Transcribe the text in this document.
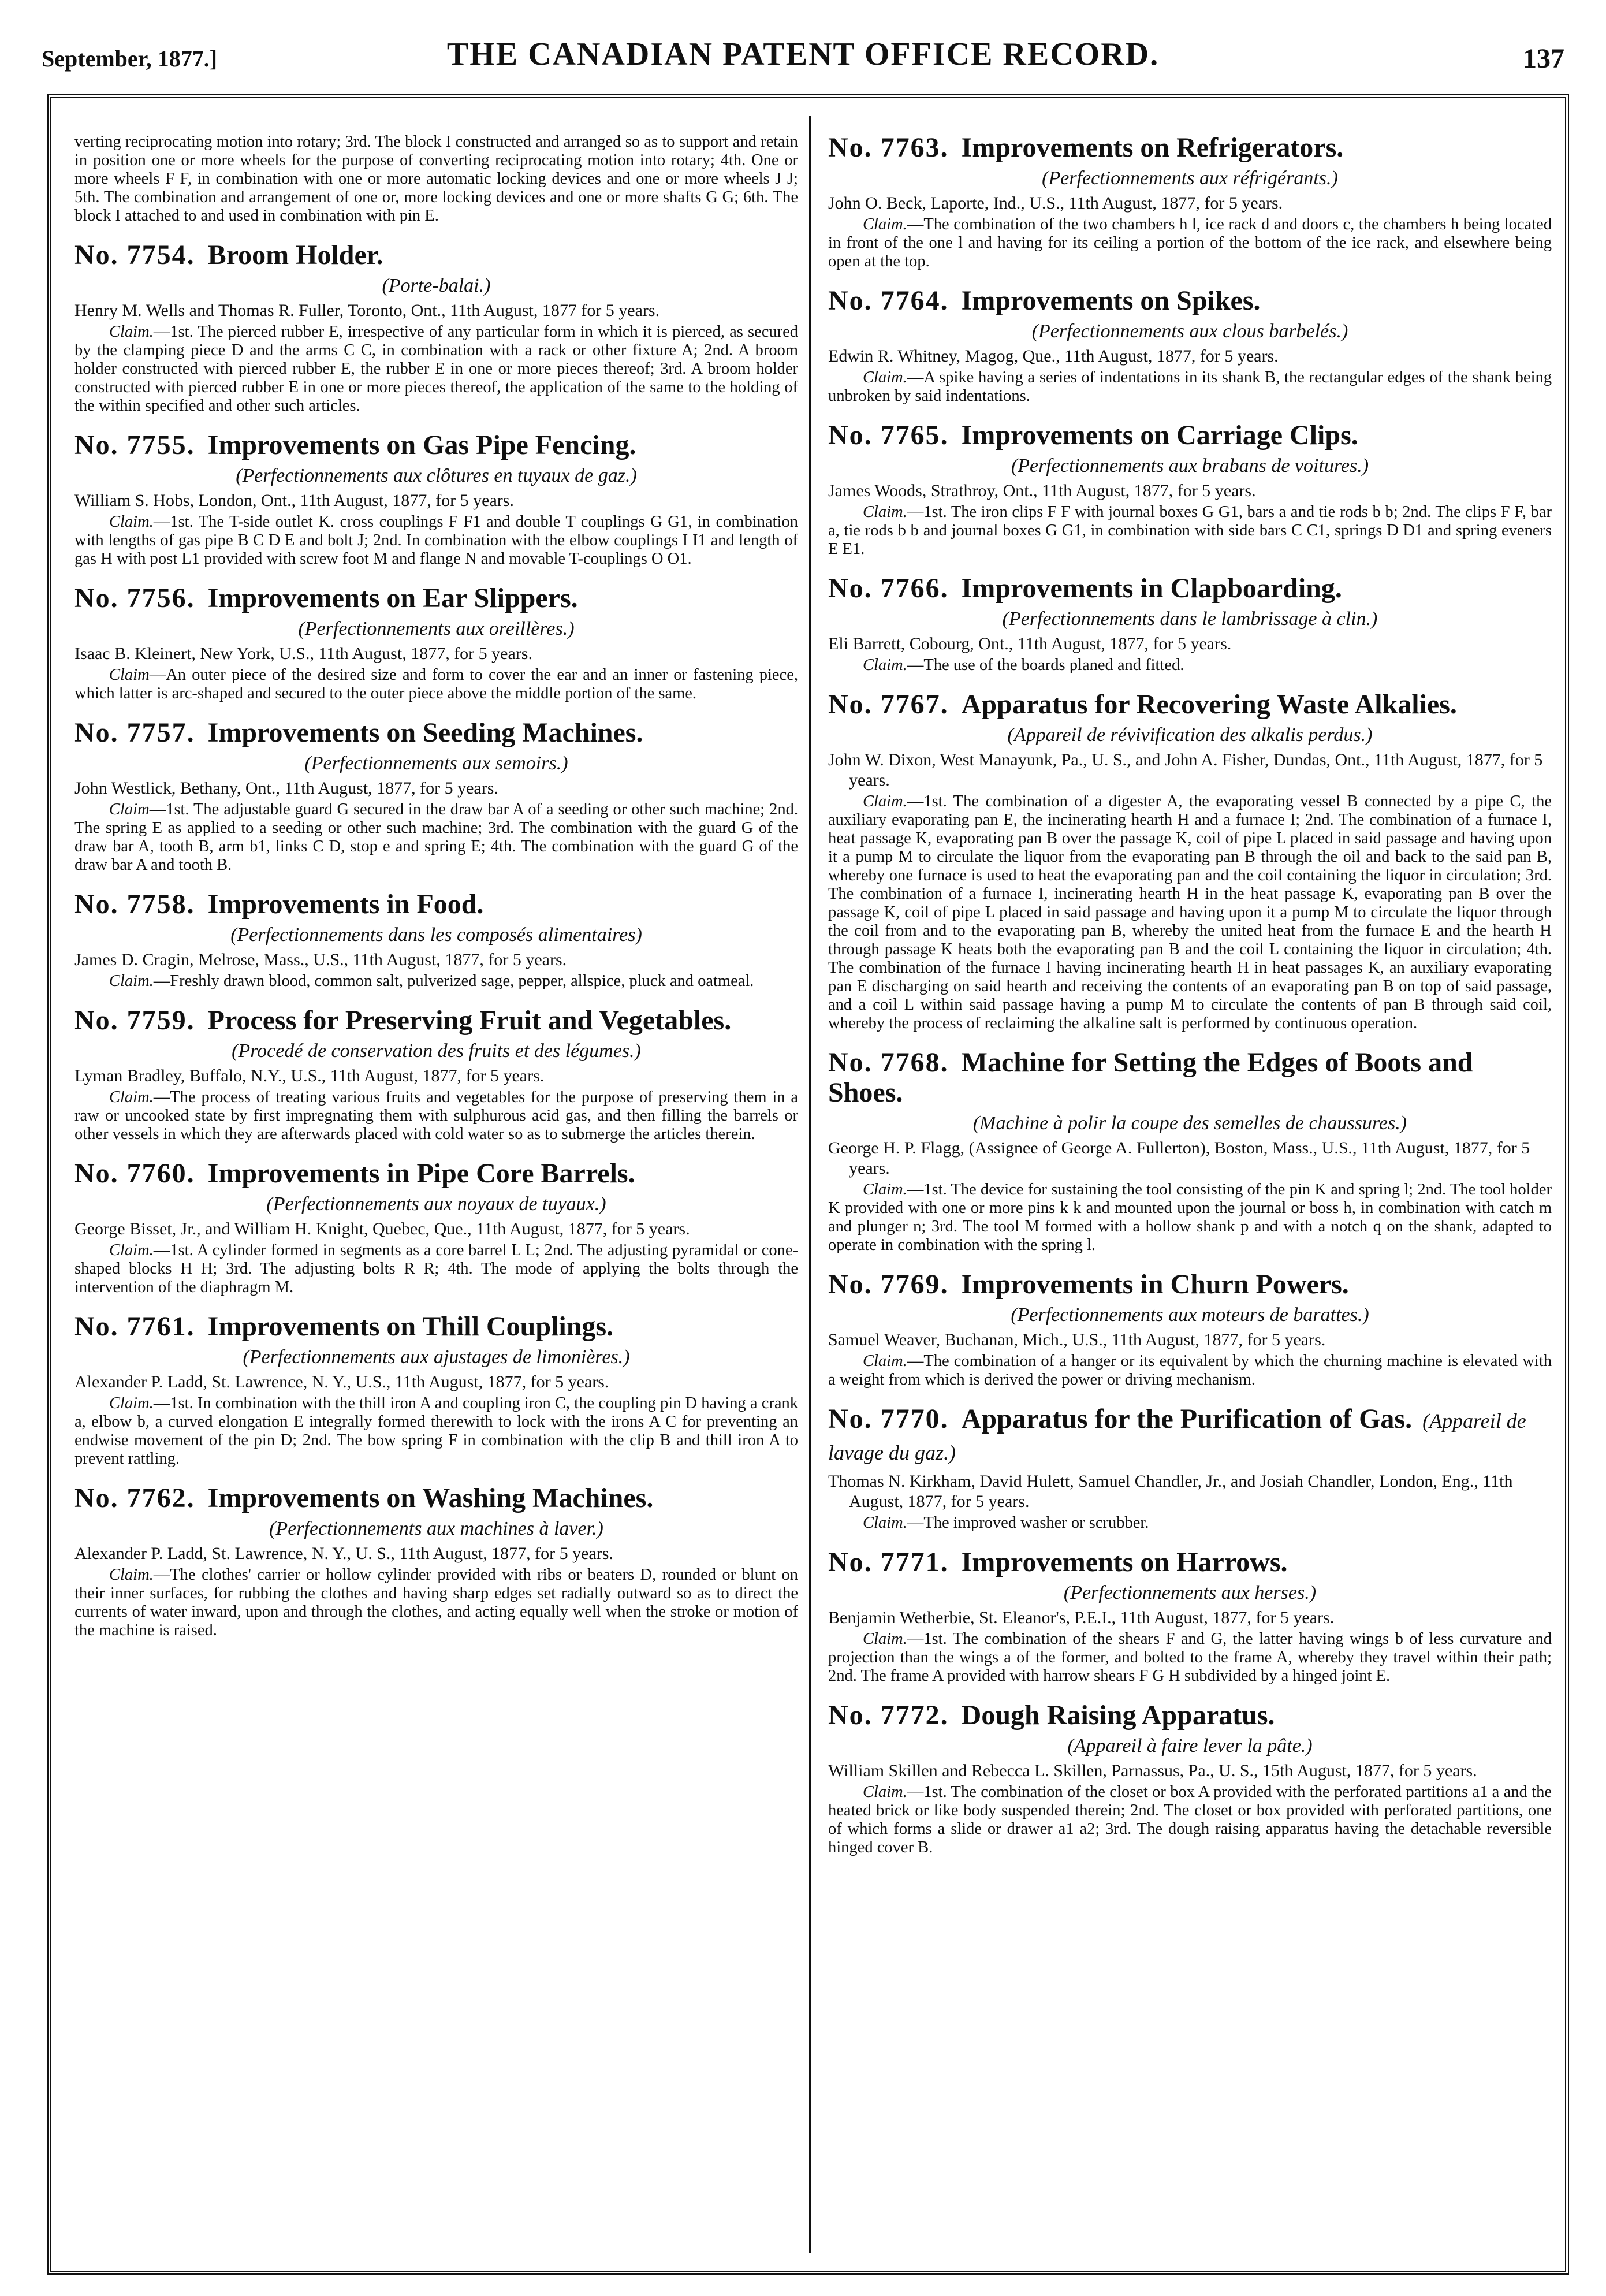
September, 1877.]	THE CANADIAN PATENT OFFICE RECORD.	137

verting reciprocating motion into rotary; 3rd. The block I constructed and arranged so as to support and retain in position one or more wheels for the purpose of converting reciprocating motion into rotary; 4th. One or more wheels F F, in combination with one or more automatic locking devices and one or more wheels J J; 5th. The combination and arrangement of one or, more locking devices and one or more shafts G G; 6th. The block I attached to and used in combination with pin E.

No. 7754. Broom Holder.
(Porte-balai.)

Henry M. Wells and Thomas R. Fuller, Toronto, Ont., 11th August, 1877 for 5 years.

Claim.—1st. The pierced rubber E, irrespective of any particular form in which it is pierced, as secured by the clamping piece D and the arms C C, in combination with a rack or other fixture A; 2nd. A broom holder constructed with pierced rubber E, the rubber E in one or more pieces thereof; 3rd. A broom holder constructed with pierced rubber E in one or more pieces thereof, the application of the same to the holding of the within specified and other such articles.

No. 7755. Improvements on Gas Pipe Fencing.
(Perfectionnements aux clôtures en tuyaux de gaz.)

William S. Hobs, London, Ont., 11th August, 1877, for 5 years.

Claim.—1st. The T-side outlet K. cross couplings F F1 and double T couplings G G1, in combination with lengths of gas pipe B C D E and bolt J; 2nd. In combination with the elbow couplings I I1 and length of gas H with post L1 provided with screw foot M and flange N and movable T-couplings O O1.

No. 7756. Improvements on Ear Slippers.
(Perfectionnements aux oreillères.)

Isaac B. Kleinert, New York, U.S., 11th August, 1877, for 5 years.

Claim—An outer piece of the desired size and form to cover the ear and an inner or fastening piece, which latter is arc-shaped and secured to the outer piece above the middle portion of the same.

No. 7757. Improvements on Seeding Machines.
(Perfectionnements aux semoirs.)

John Westlick, Bethany, Ont., 11th August, 1877, for 5 years.

Claim—1st. The adjustable guard G secured in the draw bar A of a seeding or other such machine; 2nd. The spring E as applied to a seeding or other such machine; 3rd. The combination with the guard G of the draw bar A, tooth B, arm b1, links C D, stop e and spring E; 4th. The combination with the guard G of the draw bar A and tooth B.

No. 7758. Improvements in Food.
(Perfectionnements dans les composés alimentaires)

James D. Cragin, Melrose, Mass., U.S., 11th August, 1877, for 5 years.

Claim.—Freshly drawn blood, common salt, pulverized sage, pepper, allspice, pluck and oatmeal.

No. 7759. Process for Preserving Fruit and Vegetables.
(Procedé de conservation des fruits et des légumes.)

Lyman Bradley, Buffalo, N.Y., U.S., 11th August, 1877, for 5 years.

Claim.—The process of treating various fruits and vegetables for the purpose of preserving them in a raw or uncooked state by first impregnating them with sulphurous acid gas, and then filling the barrels or other vessels in which they are afterwards placed with cold water so as to submerge the articles therein.

No. 7760. Improvements in Pipe Core Barrels.
(Perfectionnements aux noyaux de tuyaux.)

George Bisset, Jr., and William H. Knight, Quebec, Que., 11th August, 1877, for 5 years.

Claim.—1st. A cylinder formed in segments as a core barrel L L; 2nd. The adjusting pyramidal or cone-shaped blocks H H; 3rd. The adjusting bolts R R; 4th. The mode of applying the bolts through the intervention of the diaphragm M.

No. 7761. Improvements on Thill Couplings.
(Perfectionnements aux ajustages de limonières.)

Alexander P. Ladd, St. Lawrence, N. Y., U.S., 11th August, 1877, for 5 years.

Claim.—1st. In combination with the thill iron A and coupling iron C, the coupling pin D having a crank a, elbow b, a curved elongation E integrally formed therewith to lock with the irons A C for preventing an endwise movement of the pin D; 2nd. The bow spring F in combination with the clip B and thill iron A to prevent rattling.

No. 7762. Improvements on Washing Machines.
(Perfectionnements aux machines à laver.)

Alexander P. Ladd, St. Lawrence, N. Y., U. S., 11th August, 1877, for 5 years.

Claim.—The clothes' carrier or hollow cylinder provided with ribs or beaters D, rounded or blunt on their inner surfaces, for rubbing the clothes and having sharp edges set radially outward so as to direct the currents of water inward, upon and through the clothes, and acting equally well when the stroke or motion of the machine is raised.

No. 7763. Improvements on Refrigerators.
(Perfectionnements aux réfrigérants.)

John O. Beck, Laporte, Ind., U.S., 11th August, 1877, for 5 years.

Claim.—The combination of the two chambers h l, ice rack d and doors c, the chambers h being located in front of the one l and having for its ceiling a portion of the bottom of the ice rack, and elsewhere being open at the top.

No. 7764. Improvements on Spikes.
(Perfectionnements aux clous barbelés.)

Edwin R. Whitney, Magog, Que., 11th August, 1877, for 5 years.

Claim.—A spike having a series of indentations in its shank B, the rectangular edges of the shank being unbroken by said indentations.

No. 7765. Improvements on Carriage Clips.
(Perfectionnements aux brabans de voitures.)

James Woods, Strathroy, Ont., 11th August, 1877, for 5 years.

Claim.—1st. The iron clips F F with journal boxes G G1, bars a and tie rods b b; 2nd. The clips F F, bar a, tie rods b b and journal boxes G G1, in combination with side bars C C1, springs D D1 and spring eveners E E1.

No. 7766. Improvements in Clapboarding.
(Perfectionnements dans le lambrissage à clin.)

Eli Barrett, Cobourg, Ont., 11th August, 1877, for 5 years.

Claim.—The use of the boards planed and fitted.

No. 7767. Apparatus for Recovering Waste Alkalies.
(Appareil de révivification des alkalis perdus.)

John W. Dixon, West Manayunk, Pa., U. S., and John A. Fisher, Dundas, Ont., 11th August, 1877, for 5 years.

Claim.—1st. The combination of a digester A, the evaporating vessel B connected by a pipe C, the auxiliary evaporating pan E, the incinerating hearth H and a furnace I; 2nd. The combination of a furnace I, heat passage K, evaporating pan B over the passage K, coil of pipe L placed in said passage and having upon it a pump M to circulate the liquor from the evaporating pan B through the oil and back to the said pan B, whereby one furnace is used to heat the evaporating pan and the coil containing the liquor in circulation; 3rd. The combination of a furnace I, incinerating hearth H in the heat passage K, evaporating pan B over the passage K, coil of pipe L placed in said passage and having upon it a pump M to circulate the liquor through the coil from and to the evaporating pan B, whereby the united heat from the furnace E and the hearth H through passage K heats both the evaporating pan B and the coil L containing the liquor in circulation; 4th. The combination of the furnace I having incinerating hearth H in heat passages K, an auxiliary evaporating pan E discharging on said hearth and receiving the contents of an evaporating pan B on top of said passage, and a coil L within said passage having a pump M to circulate the contents of pan B through said coil, whereby the process of reclaiming the alkaline salt is performed by continuous operation.

No. 7768. Machine for Setting the Edges of Boots and Shoes.
(Machine à polir la coupe des semelles de chaussures.)

George H. P. Flagg, (Assignee of George A. Fullerton), Boston, Mass., U.S., 11th August, 1877, for 5 years.

Claim.—1st. The device for sustaining the tool consisting of the pin K and spring l; 2nd. The tool holder K provided with one or more pins k k and mounted upon the journal or boss h, in combination with catch m and plunger n; 3rd. The tool M formed with a hollow shank p and with a notch q on the shank, adapted to operate in combination with the spring l.

No. 7769. Improvements in Churn Powers.
(Perfectionnements aux moteurs de barattes.)

Samuel Weaver, Buchanan, Mich., U.S., 11th August, 1877, for 5 years.

Claim.—The combination of a hanger or its equivalent by which the churning machine is elevated with a weight from which is derived the power or driving mechanism.

No. 7770. Apparatus for the Purification of Gas. (Appareil de lavage du gaz.)

Thomas N. Kirkham, David Hulett, Samuel Chandler, Jr., and Josiah Chandler, London, Eng., 11th August, 1877, for 5 years.

Claim.—The improved washer or scrubber.

No. 7771. Improvements on Harrows.
(Perfectionnements aux herses.)

Benjamin Wetherbie, St. Eleanor's, P.E.I., 11th August, 1877, for 5 years.

Claim.—1st. The combination of the shears F and G, the latter having wings b of less curvature and projection than the wings a of the former, and bolted to the frame A, whereby they travel within their path; 2nd. The frame A provided with harrow shears F G H subdivided by a hinged joint E.

No. 7772. Dough Raising Apparatus.
(Appareil à faire lever la pâte.)

William Skillen and Rebecca L. Skillen, Parnassus, Pa., U. S., 15th August, 1877, for 5 years.

Claim.—1st. The combination of the closet or box A provided with the perforated partitions a1 a and the heated brick or like body suspended therein; 2nd. The closet or box provided with perforated partitions, one of which forms a slide or drawer a1 a2; 3rd. The dough raising apparatus having the detachable reversible hinged cover B.
